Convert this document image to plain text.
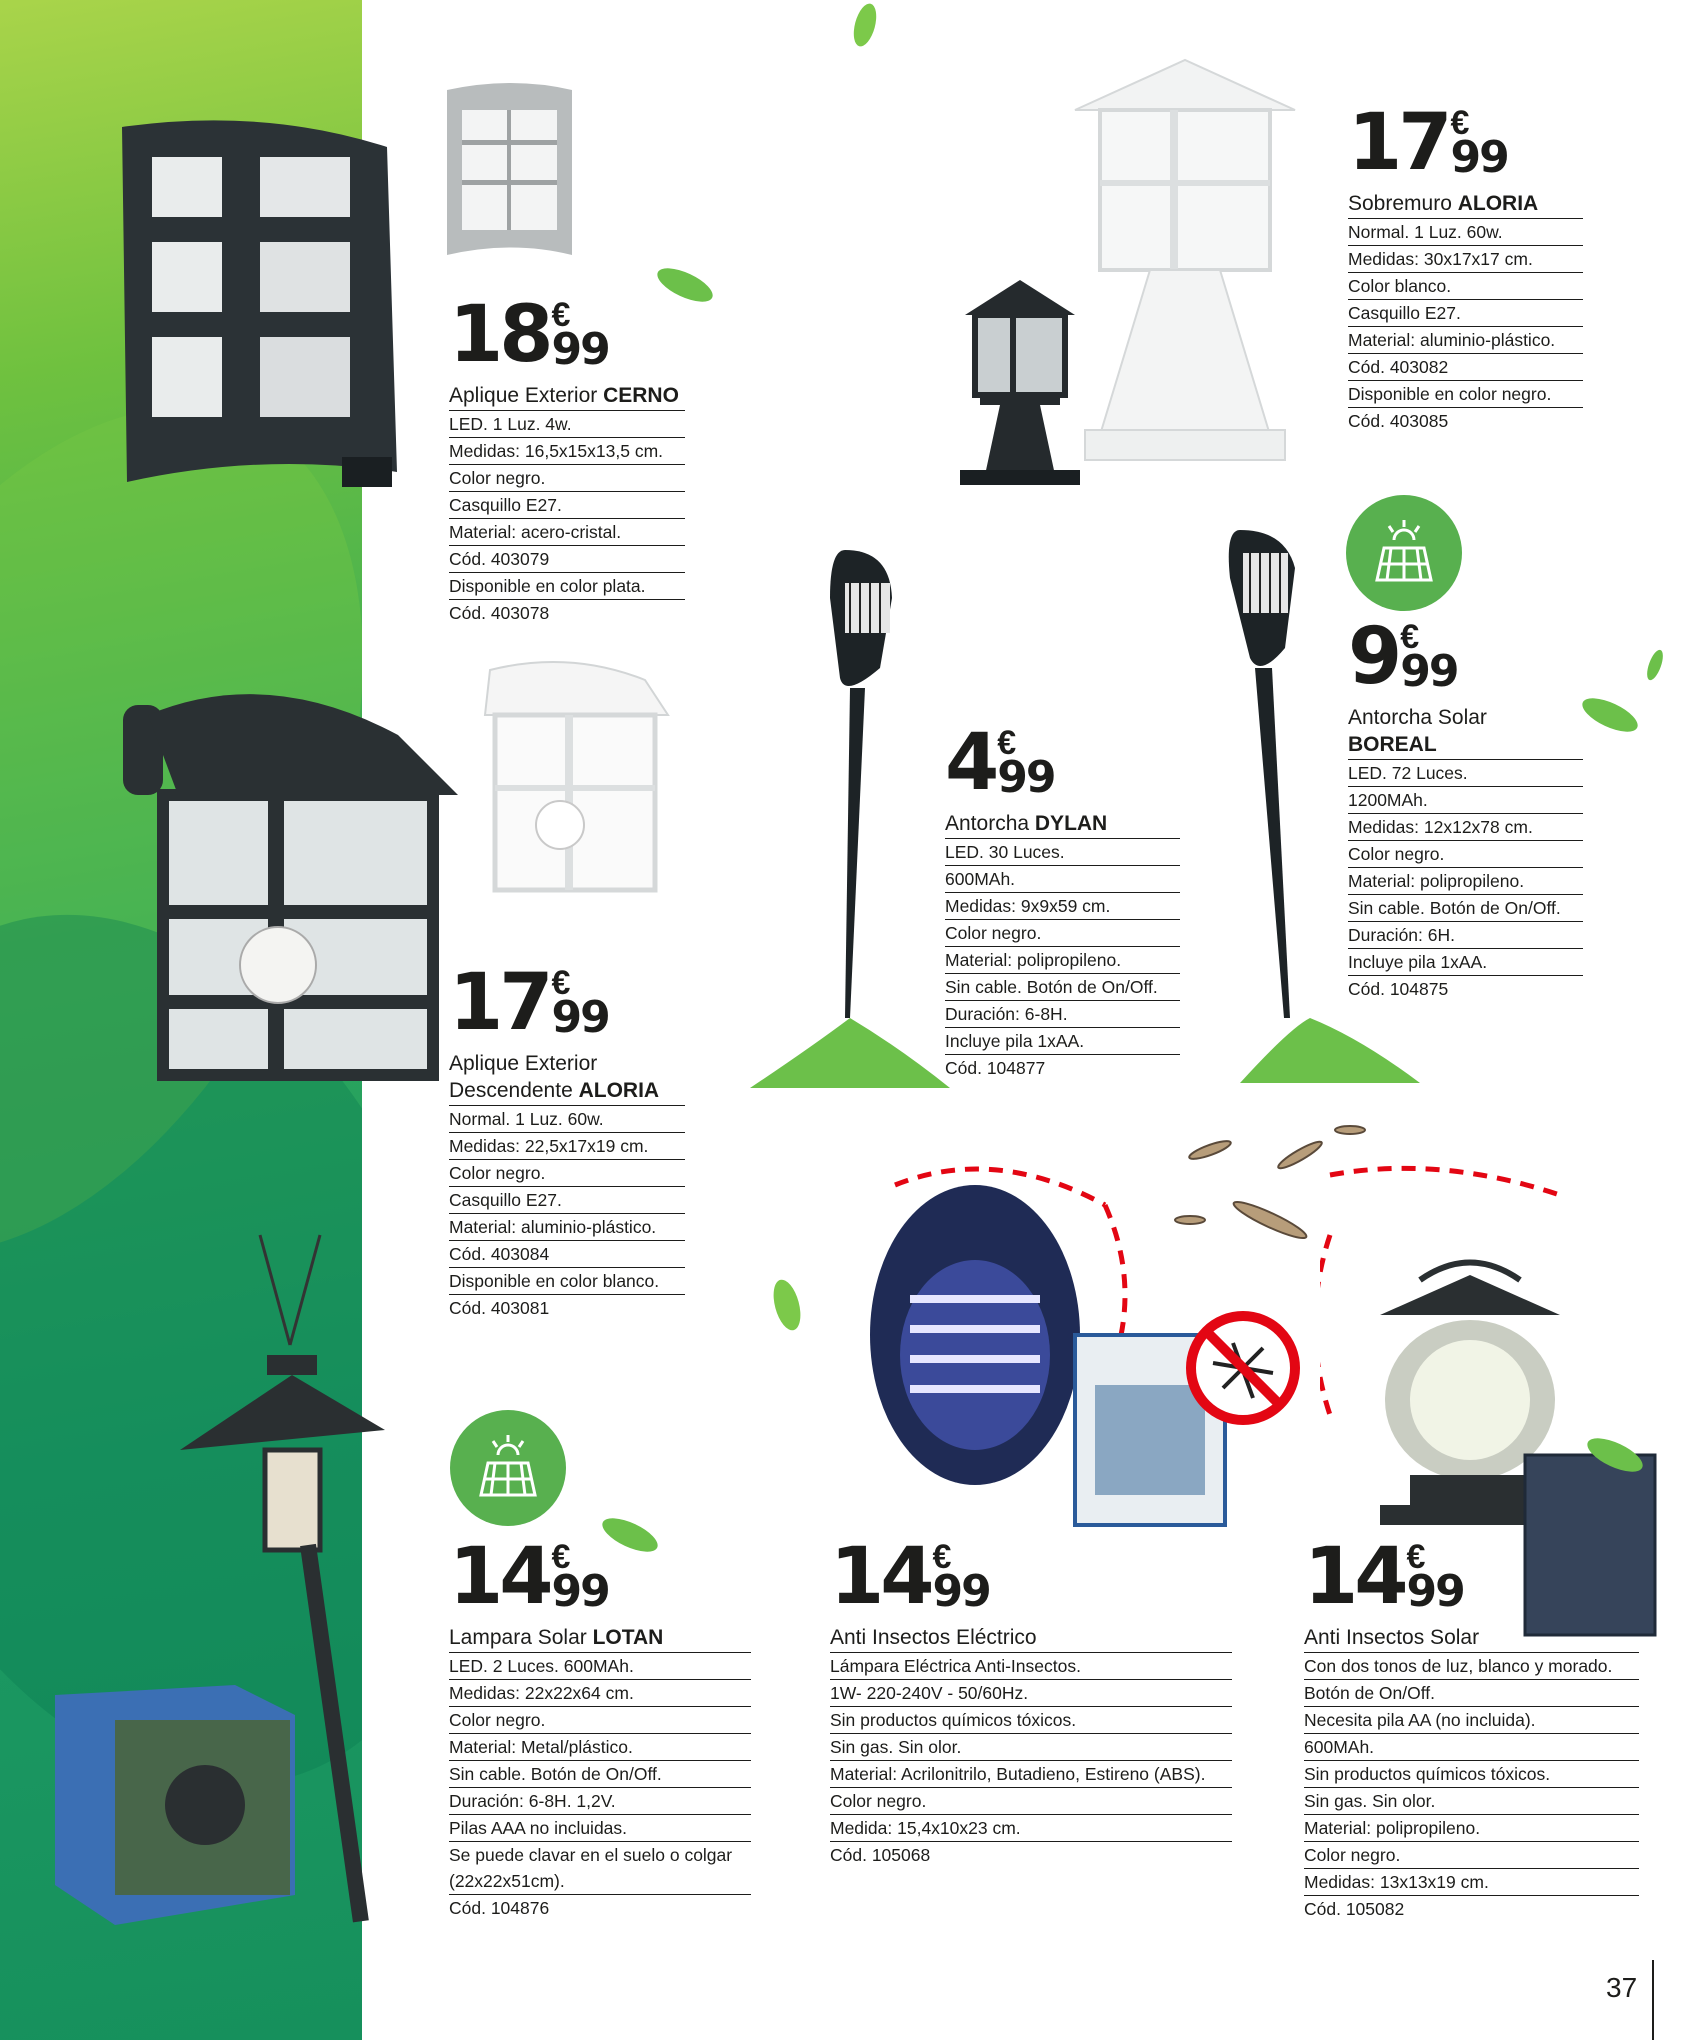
18 €
99
Aplique Exterior CERNO
LED. 1 Luz. 4w.
Medidas: 16,5x15x13,5 cm.
Color negro.
Casquillo E27.
Material: acero-cristal.
Cód. 403079
Disponible en color plata.
Cód. 403078
17 €
99
Sobremuro ALORIA
Normal. 1 Luz. 60w.
Medidas: 30x17x17 cm.
Color blanco.
Casquillo E27.
Material: aluminio-plástico.
Cód. 403082
Disponible en color negro.
Cód. 403085
9 €
99
Antorcha Solar
BOREAL
LED. 72 Luces.
1200MAh.
Medidas: 12x12x78 cm.
Color negro.
Material: polipropileno.
Sin cable. Botón de On/Off.
Duración: 6H.
Incluye pila 1xAA.
Cód. 104875
4 €
99
Antorcha DYLAN
LED. 30 Luces.
600MAh.
Medidas: 9x9x59 cm.
Color negro.
Material: polipropileno.
Sin cable. Botón de On/Off.
Duración: 6-8H.
Incluye pila 1xAA.
Cód. 104877
17 €
99
Aplique Exterior
Descendente ALORIA
Normal. 1 Luz. 60w.
Medidas: 22,5x17x19 cm.
Color negro.
Casquillo E27.
Material: aluminio-plástico.
Cód. 403084
Disponible en color blanco.
Cód. 403081
14 €
99
Lampara Solar LOTAN
LED. 2 Luces. 600MAh.
Medidas: 22x22x64 cm.
Color negro.
Material: Metal/plástico.
Sin cable. Botón de On/Off.
Duración: 6-8H. 1,2V.
Pilas AAA no incluidas.
Se puede clavar en el suelo o colgar
(22x22x51cm).
Cód. 104876
14 €
99
Anti Insectos Eléctrico
Lámpara Eléctrica Anti-Insectos.
1W- 220-240V - 50/60Hz.
Sin productos químicos tóxicos.
Sin gas. Sin olor.
Material: Acrilonitrilo, Butadieno, Estireno (ABS).
Color negro.
Medida: 15,4x10x23 cm.
Cód. 105068
14 €
99
Anti Insectos Solar
Con dos tonos de luz, blanco y morado.
Botón de On/Off.
Necesita pila AA (no incluida).
600MAh.
Sin productos químicos tóxicos.
Sin gas. Sin olor.
Material: polipropileno.
Color negro.
Medidas: 13x13x19 cm.
Cód. 105082
37
